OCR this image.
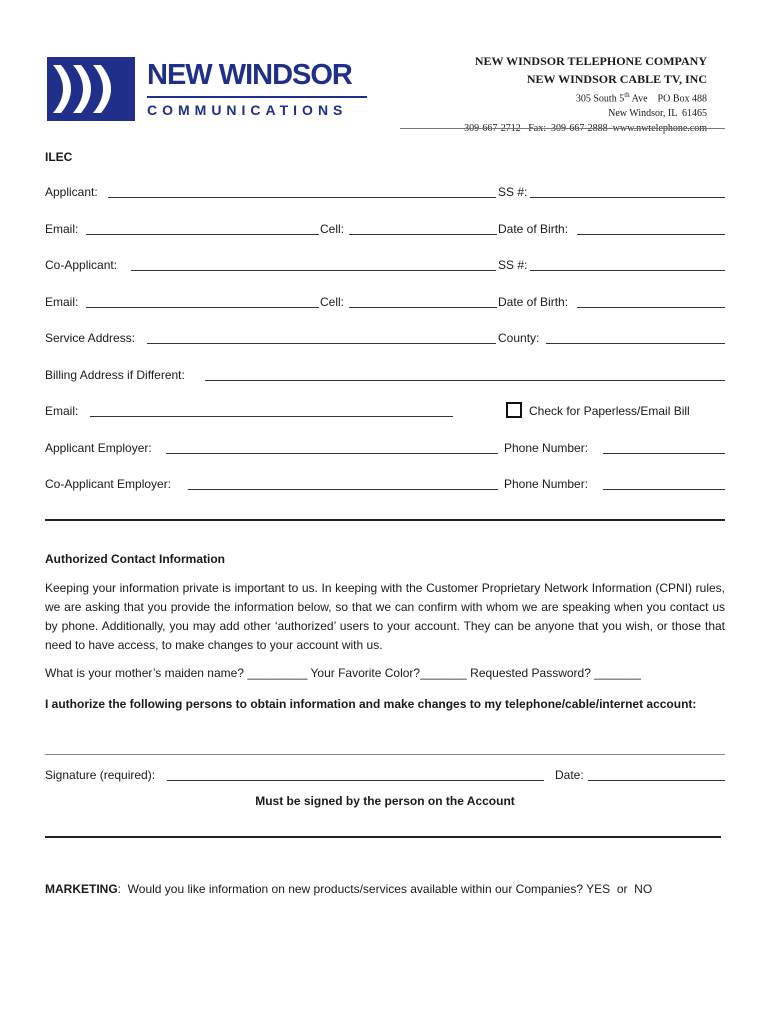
NEW WINDSOR
COMMUNICATIONS
NEW WINDSOR TELEPHONE COMPANY
NEW WINDSOR CABLE TV, INC
305 South 5th Ave    PO Box 488
New Windsor, IL  61465
309-667-2712   Fax:  309-667-2888  www.nwtelephone.com
ILEC
Applicant:	SS #:
Email:	Cell:	Date of Birth:
Co-Applicant:	SS #:
Email:	Cell:	Date of Birth:
Service Address:	County:
Billing Address if Different:
Email:	Check for Paperless/Email Bill
Applicant Employer:	Phone Number:
Co-Applicant Employer:	Phone Number:
Authorized Contact Information
Keeping your information private is important to us. In keeping with the Customer Proprietary Network Information (CPNI) rules, we are asking that you provide the information below, so that we can confirm with whom we are speaking when you contact us by phone. Additionally, you may add other ‘authorized’ users to your account. They can be anyone that you wish, or those that need to have access, to make changes to your account with us.
What is your mother’s maiden name? _________ Your Favorite Color?_______ Requested Password? _______
I authorize the following persons to obtain information and make changes to my telephone/cable/internet account:
Signature (required):	Date:
Must be signed by the person on the Account
MARKETING:  Would you like information on new products/services available within our Companies? YES  or  NO
